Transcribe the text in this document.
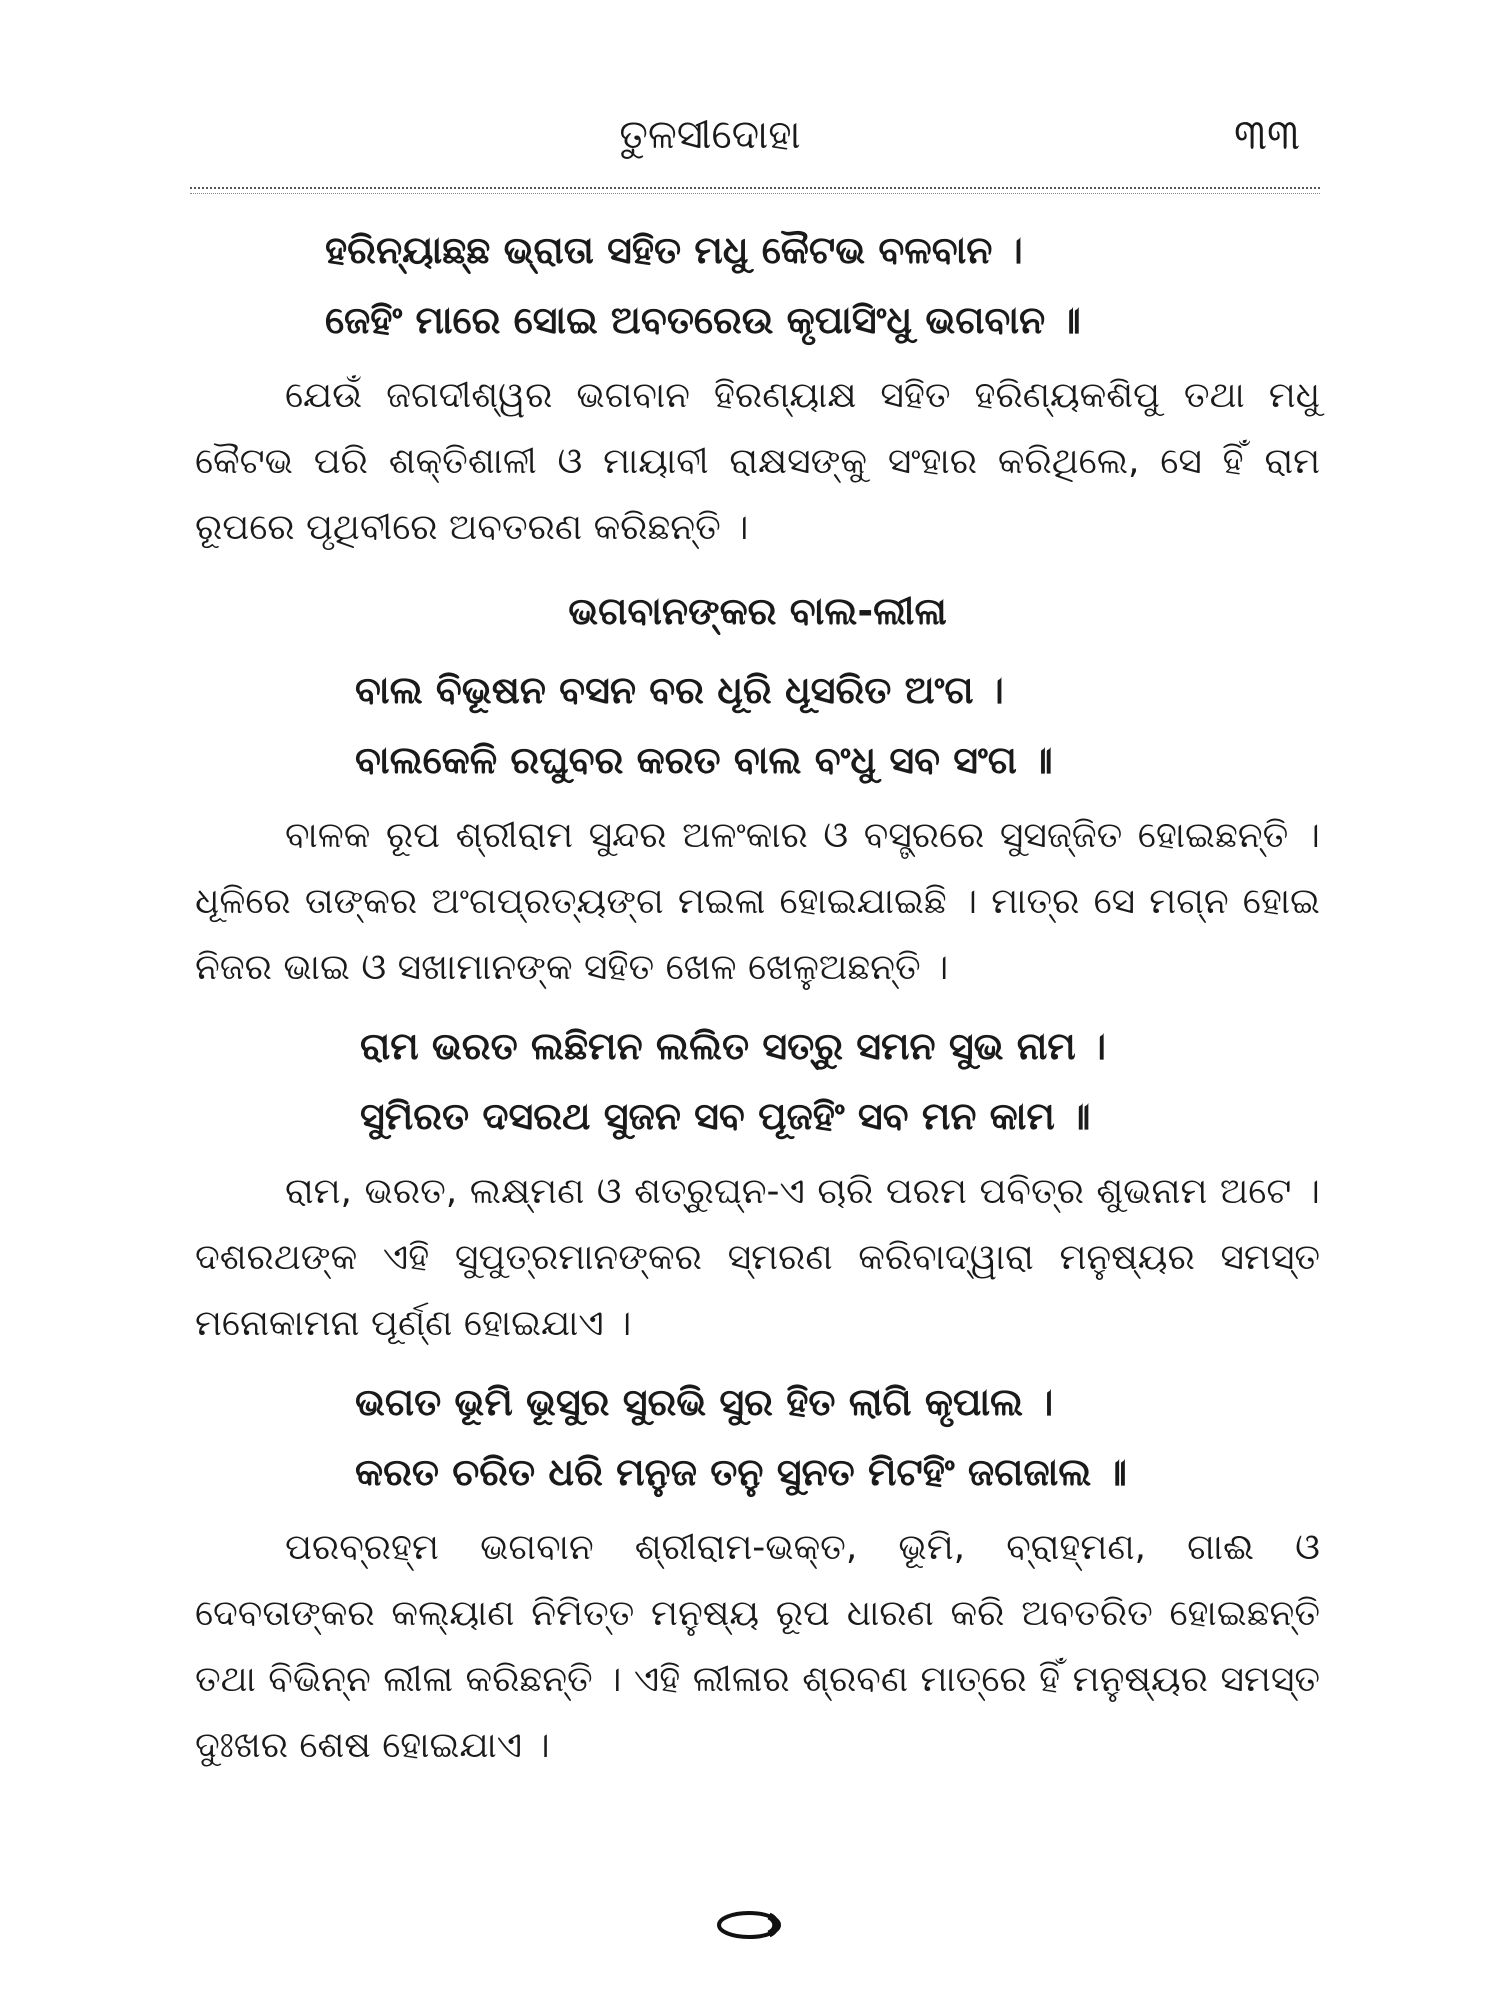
ତୁଳସୀଦୋହା	୩୩
ହରିନ୍ୟାଛ୍ଛ ଭ୍ରାତା ସହିତ ମଧୁ କୈଟଭ ବଳବାନ ।
ଜେହିଂ ମାରେ ସୋଇ ଅବତରେଉ କୃପାସିଂଧୁ ଭଗବାନ ॥
ଯେଉଁ ଜଗଦୀଶ୍ୱର ଭଗବାନ ହିରଣ୍ୟାକ୍ଷ ସହିତ ହରିଣ୍ୟକଶିପୁ ତଥା ମଧୁ କୈଟଭ ପରି ଶକ୍ତିଶାଳୀ ଓ ମାୟାବୀ ରାକ୍ଷସଙ୍କୁ ସଂହାର କରିଥିଲେ, ସେ ହିଁ ରାମ ରୂପରେ ପୃଥିବୀରେ ଅବତରଣ କରିଛନ୍ତି ।
ଭଗବାନଙ୍କର ବାଲ-ଲୀଳା
ବାଲ ବିଭୂଷନ ବସନ ବର ଧୂରି ଧୂସରିତ ଅଂଗ ।
ବାଲକେଳି ରଘୁବର କରତ ବାଲ ବଂଧୁ ସବ ସଂଗ ॥
ବାଳକ ରୂପ ଶ୍ରୀରାମ ସୁନ୍ଦର ଅଳଂକାର ଓ ବସ୍ତ୍ରରେ ସୁସଜ୍ଜିତ ହୋଇଛନ୍ତି । ଧୂଳିରେ ତାଙ୍କର ଅଂଗପ୍ରତ୍ୟଙ୍ଗ ମଇଳା ହୋଇଯାଇଛି । ମାତ୍ର ସେ ମଗ୍ନ ହୋଇ ନିଜର ଭାଇ ଓ ସଖାମାନଙ୍କ ସହିତ ଖେଳ ଖେଳୁଅଛନ୍ତି ।
ରାମ ଭରତ ଲଛିମନ ଲଲିତ ସତ୍ରୁ ସମନ ସୁଭ ନାମ ।
ସୁମିରତ ଦସରଥ ସୁଜନ ସବ ପୂଜହିଂ ସବ ମନ କାମ ॥
ରାମ, ଭରତ, ଲକ୍ଷ୍ମଣ ଓ ଶତ୍ରୁଘ୍ନ-ଏ ଚାରି ପରମ ପବିତ୍ର ଶୁଭନାମ ଅଟେ । ଦଶରଥଙ୍କ ଏହି ସୁପୁତ୍ରମାନଙ୍କର ସ୍ମରଣ କରିବାଦ୍ୱାରା ମନୁଷ୍ୟର ସମସ୍ତ ମନୋକାମନା ପୂର୍ଣ୍ଣ ହୋଇଯାଏ ।
ଭଗତ ଭୂମି ଭୂସୁର ସୁରଭି ସୁର ହିତ ଲାଗି କୃପାଲ ।
କରତ ଚରିତ ଧରି ମନୁଜ ତନୁ ସୁନତ ମିଟହିଂ ଜଗଜାଲ ॥
ପରବ୍ରହ୍ମ ଭଗବାନ ଶ୍ରୀରାମ-ଭକ୍ତ, ଭୂମି, ବ୍ରାହ୍ମଣ, ଗାଈ ଓ ଦେବତାଙ୍କର କଲ୍ୟାଣ ନିମିତ୍ତ ମନୁଷ୍ୟ ରୂପ ଧାରଣ କରି ଅବତରିତ ହୋଇଛନ୍ତି ତଥା ବିଭିନ୍ନ ଲୀଳା କରିଛନ୍ତି । ଏହି ଲୀଳାର ଶ୍ରବଣ ମାତ୍ରେ ହିଁ ମନୁଷ୍ୟର ସମସ୍ତ ଦୁଃଖର ଶେଷ ହୋଇଯାଏ ।
